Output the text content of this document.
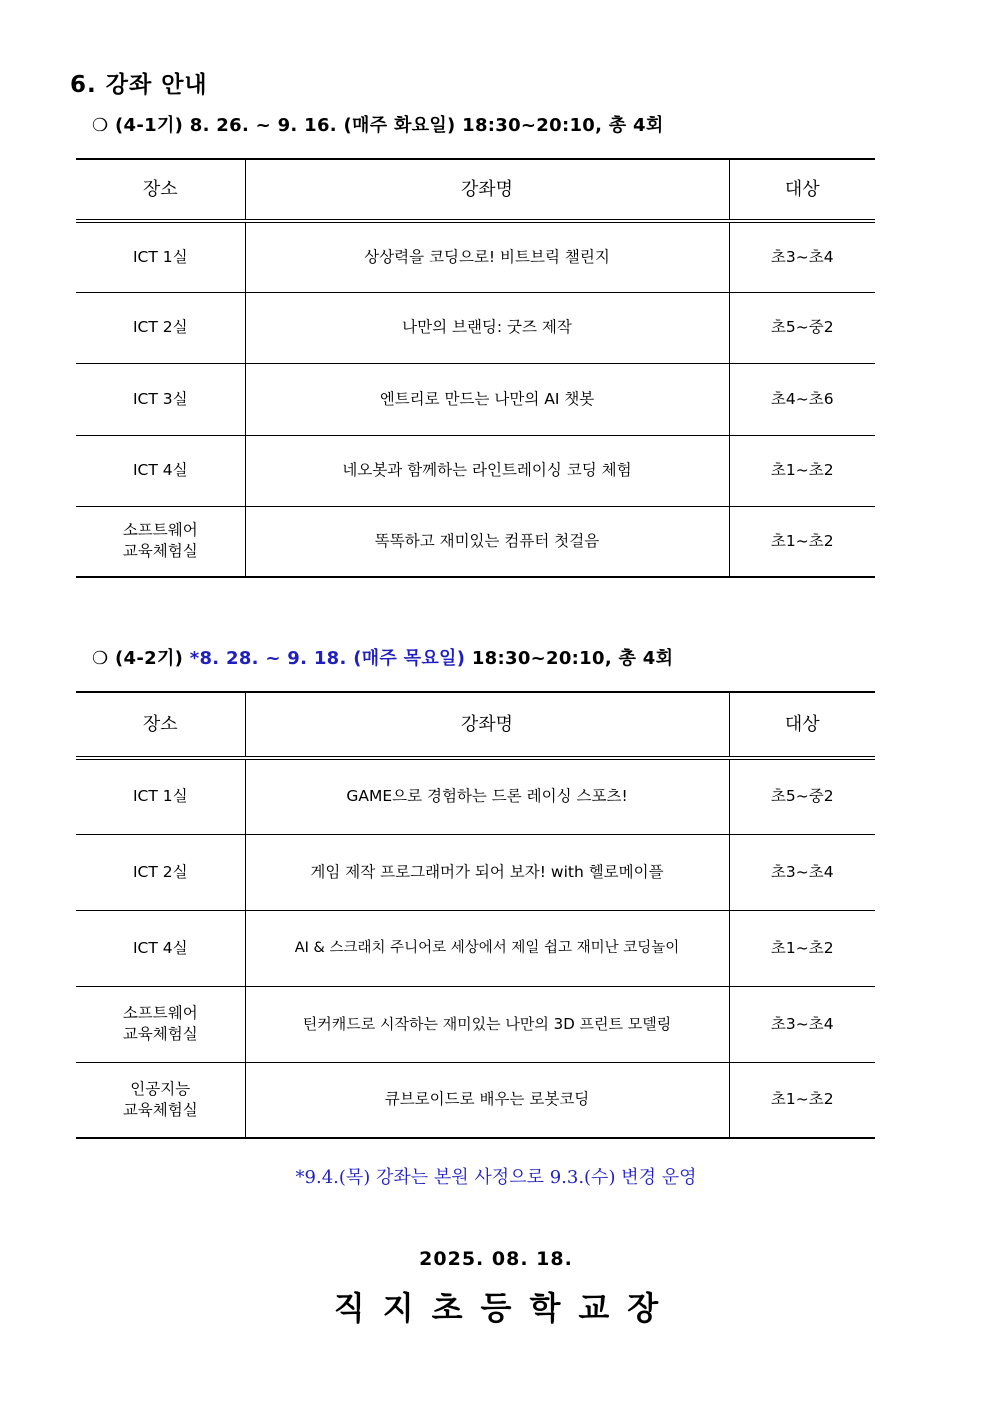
6. 강좌 안내
❍ (4-1기) 8. 26. ~ 9. 16. (매주 화요일) 18:30~20:10, 총 4회
장소	강좌명	대상
ICT 1실	상상력을 코딩으로! 비트브릭 챌린지	초3~초4
ICT 2실	나만의 브랜딩: 굿즈 제작	초5~중2
ICT 3실	엔트리로 만드는 나만의 AI 챗봇	초4~초6
ICT 4실	네오봇과 함께하는 라인트레이싱 코딩 체험	초1~초2

소프트웨어
교육체험실	똑똑하고 재미있는 컴퓨터 첫걸음	초1~초2
❍ (4-2기) *8. 28. ~ 9. 18. (매주 목요일) 18:30~20:10, 총 4회
장소	강좌명	대상
ICT 1실	GAME으로 경험하는 드론 레이싱 스포츠!	초5~중2
ICT 2실	게임 제작 프로그래머가 되어 보자! with 헬로메이플	초3~초4
ICT 4실	AI & 스크래치 주니어로 세상에서 제일 쉽고 재미난 코딩놀이	초1~초2

소프트웨어
교육체험실	틴커캐드로 시작하는 재미있는 나만의 3D 프린트 모델링	초3~초4

인공지능
교육체험실	큐브로이드로 배우는 로봇코딩	초1~초2
*9.4.(목) 강좌는 본원 사정으로 9.3.(수) 변경 운영
2025. 08. 18.
직지초등학교장
